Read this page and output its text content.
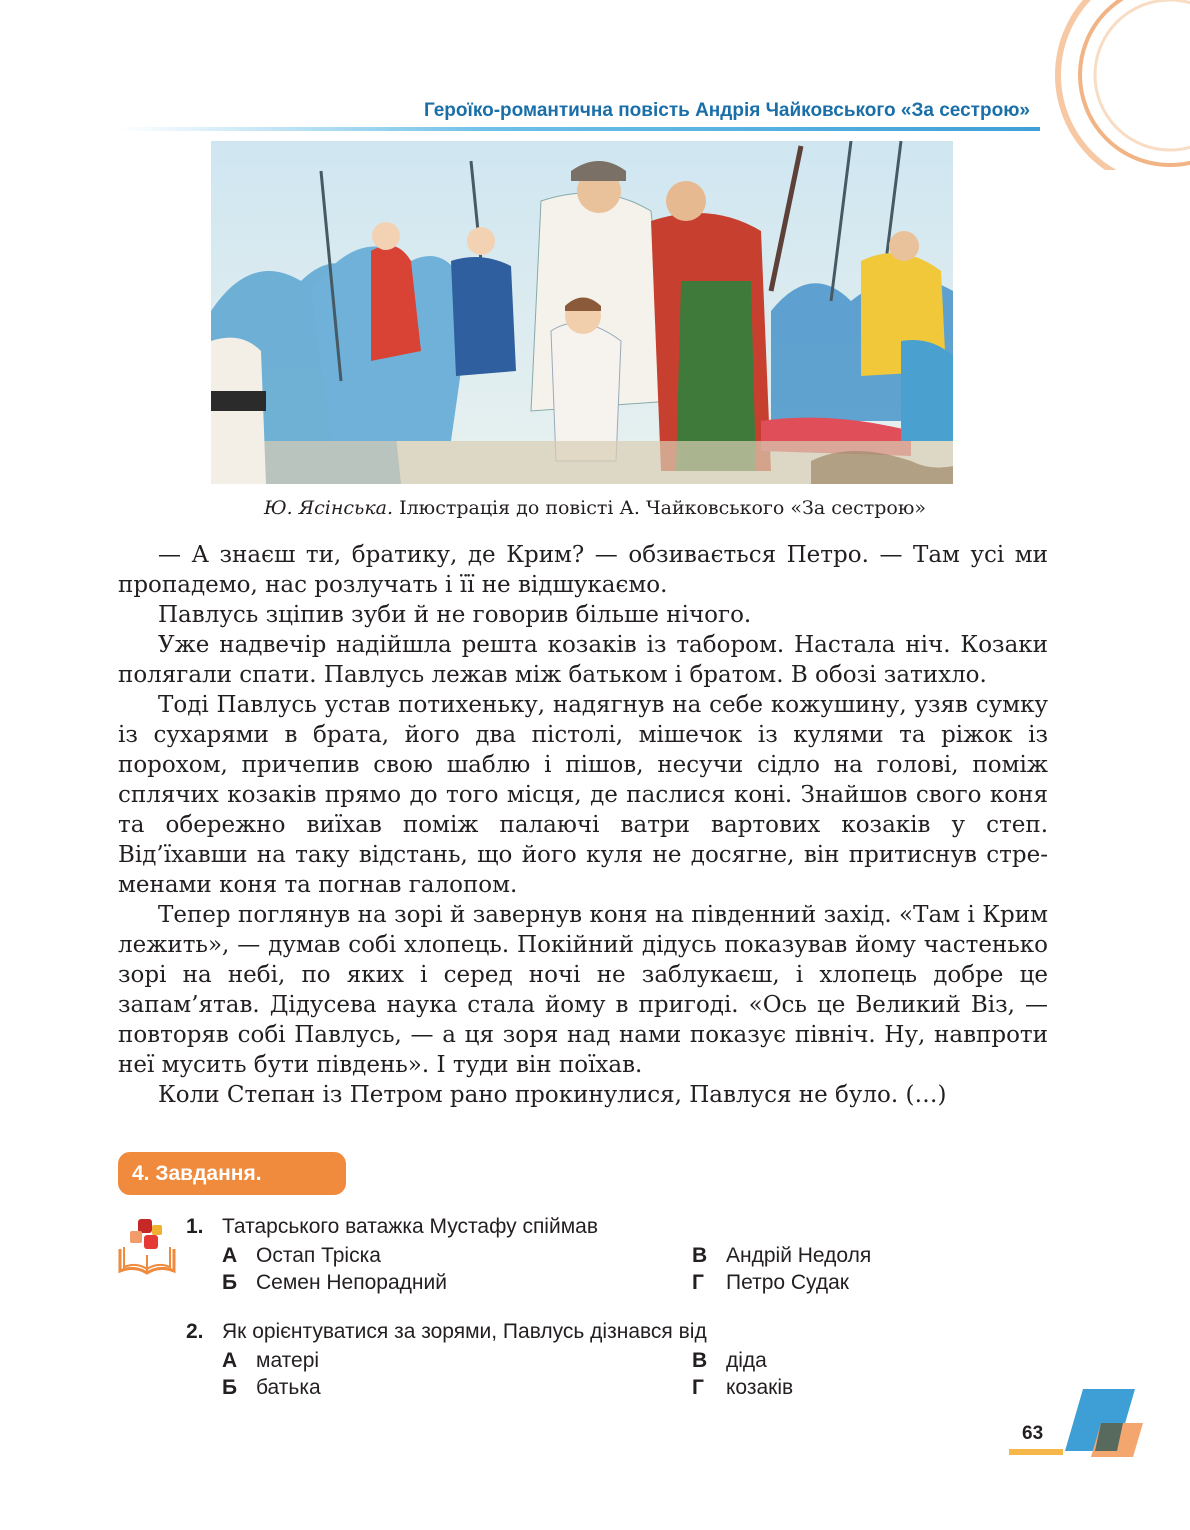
Героїко-романтична повість Андрія Чайковського «За сестрою»
Ю. Ясінська. Ілюстрація до повісті А. Чайковського «За сестрою»

— А знаєш ти, братику, де Крим? — обзивається Петро. — Там усі ми пропадемо, нас розлучать і її не відшукаємо.

Павлусь зціпив зуби й не говорив більше нічого.

Уже надвечір надійшла решта козаків із табором. Настала ніч. Козаки полягали спати. Павлусь лежав між батьком і братом. В обозі затихло.

Тоді Павлусь устав потихеньку, надягнув на себе кожушину, узяв сумку із сухарями в брата, його два пістолі, мішечок із кулями та ріжок із порохом, причепив свою шаблю і пішов, несучи сідло на голові, поміж сплячих козаків прямо до того місця, де паслися коні. Знайшов свого коня та обережно виїхав поміж палаючі ватри вартових козаків у степ. Від’їхавши на таку відстань, що його куля не досягне, він притиснув стременами коня та погнав галопом.

Тепер поглянув на зорі й завернув коня на південний захід. «Там і Крим лежить», — думав собі хлопець. Покійний дідусь показував йому частенько зорі на небі, по яких і серед ночі не заблукаєш, і хлопець добре це запам’ятав. Дідусева наука стала йому в пригоді. «Ось це Великий Віз, — повторяв собі Павлусь, — а ця зоря над нами показує північ. Ну, навпроти неї мусить бути південь». І туди він поїхав.

Коли Степан із Петром рано прокинулися, Павлуся не було. (…)

4. Завдання.
1. Татарського ватажка Мустафу спіймав
А Остап Тріска
Б Семен Непорадний
В Андрій Недоля
Г Петро Судак
2. Як орієнтуватися за зорями, Павлусь дізнався від
А матері
Б батька
В діда
Г козаків
63
